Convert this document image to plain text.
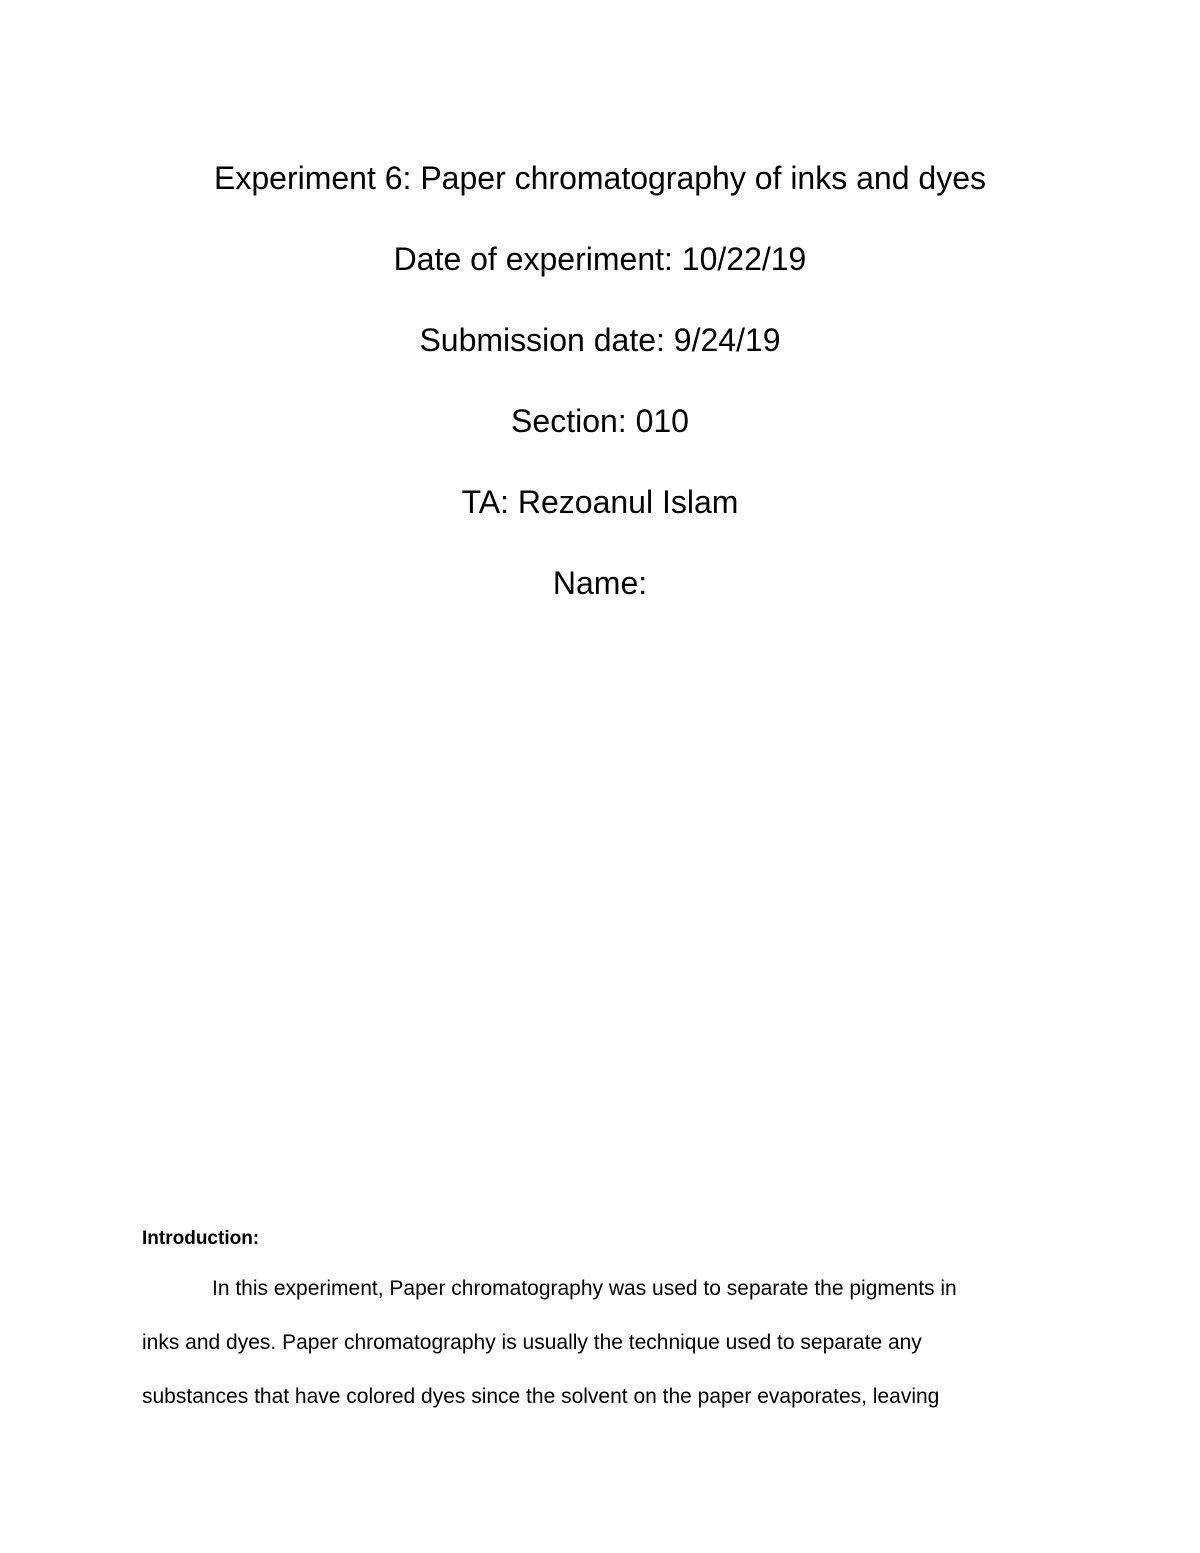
Experiment 6: Paper chromatography of inks and dyes
Date of experiment: 10/22/19
Submission date: 9/24/19
Section: 010
TA: Rezoanul Islam
Name:
Introduction:
In this experiment, Paper chromatography was used to separate the pigments in
inks and dyes. Paper chromatography is usually the technique used to separate any
substances that have colored dyes since the solvent on the paper evaporates, leaving
